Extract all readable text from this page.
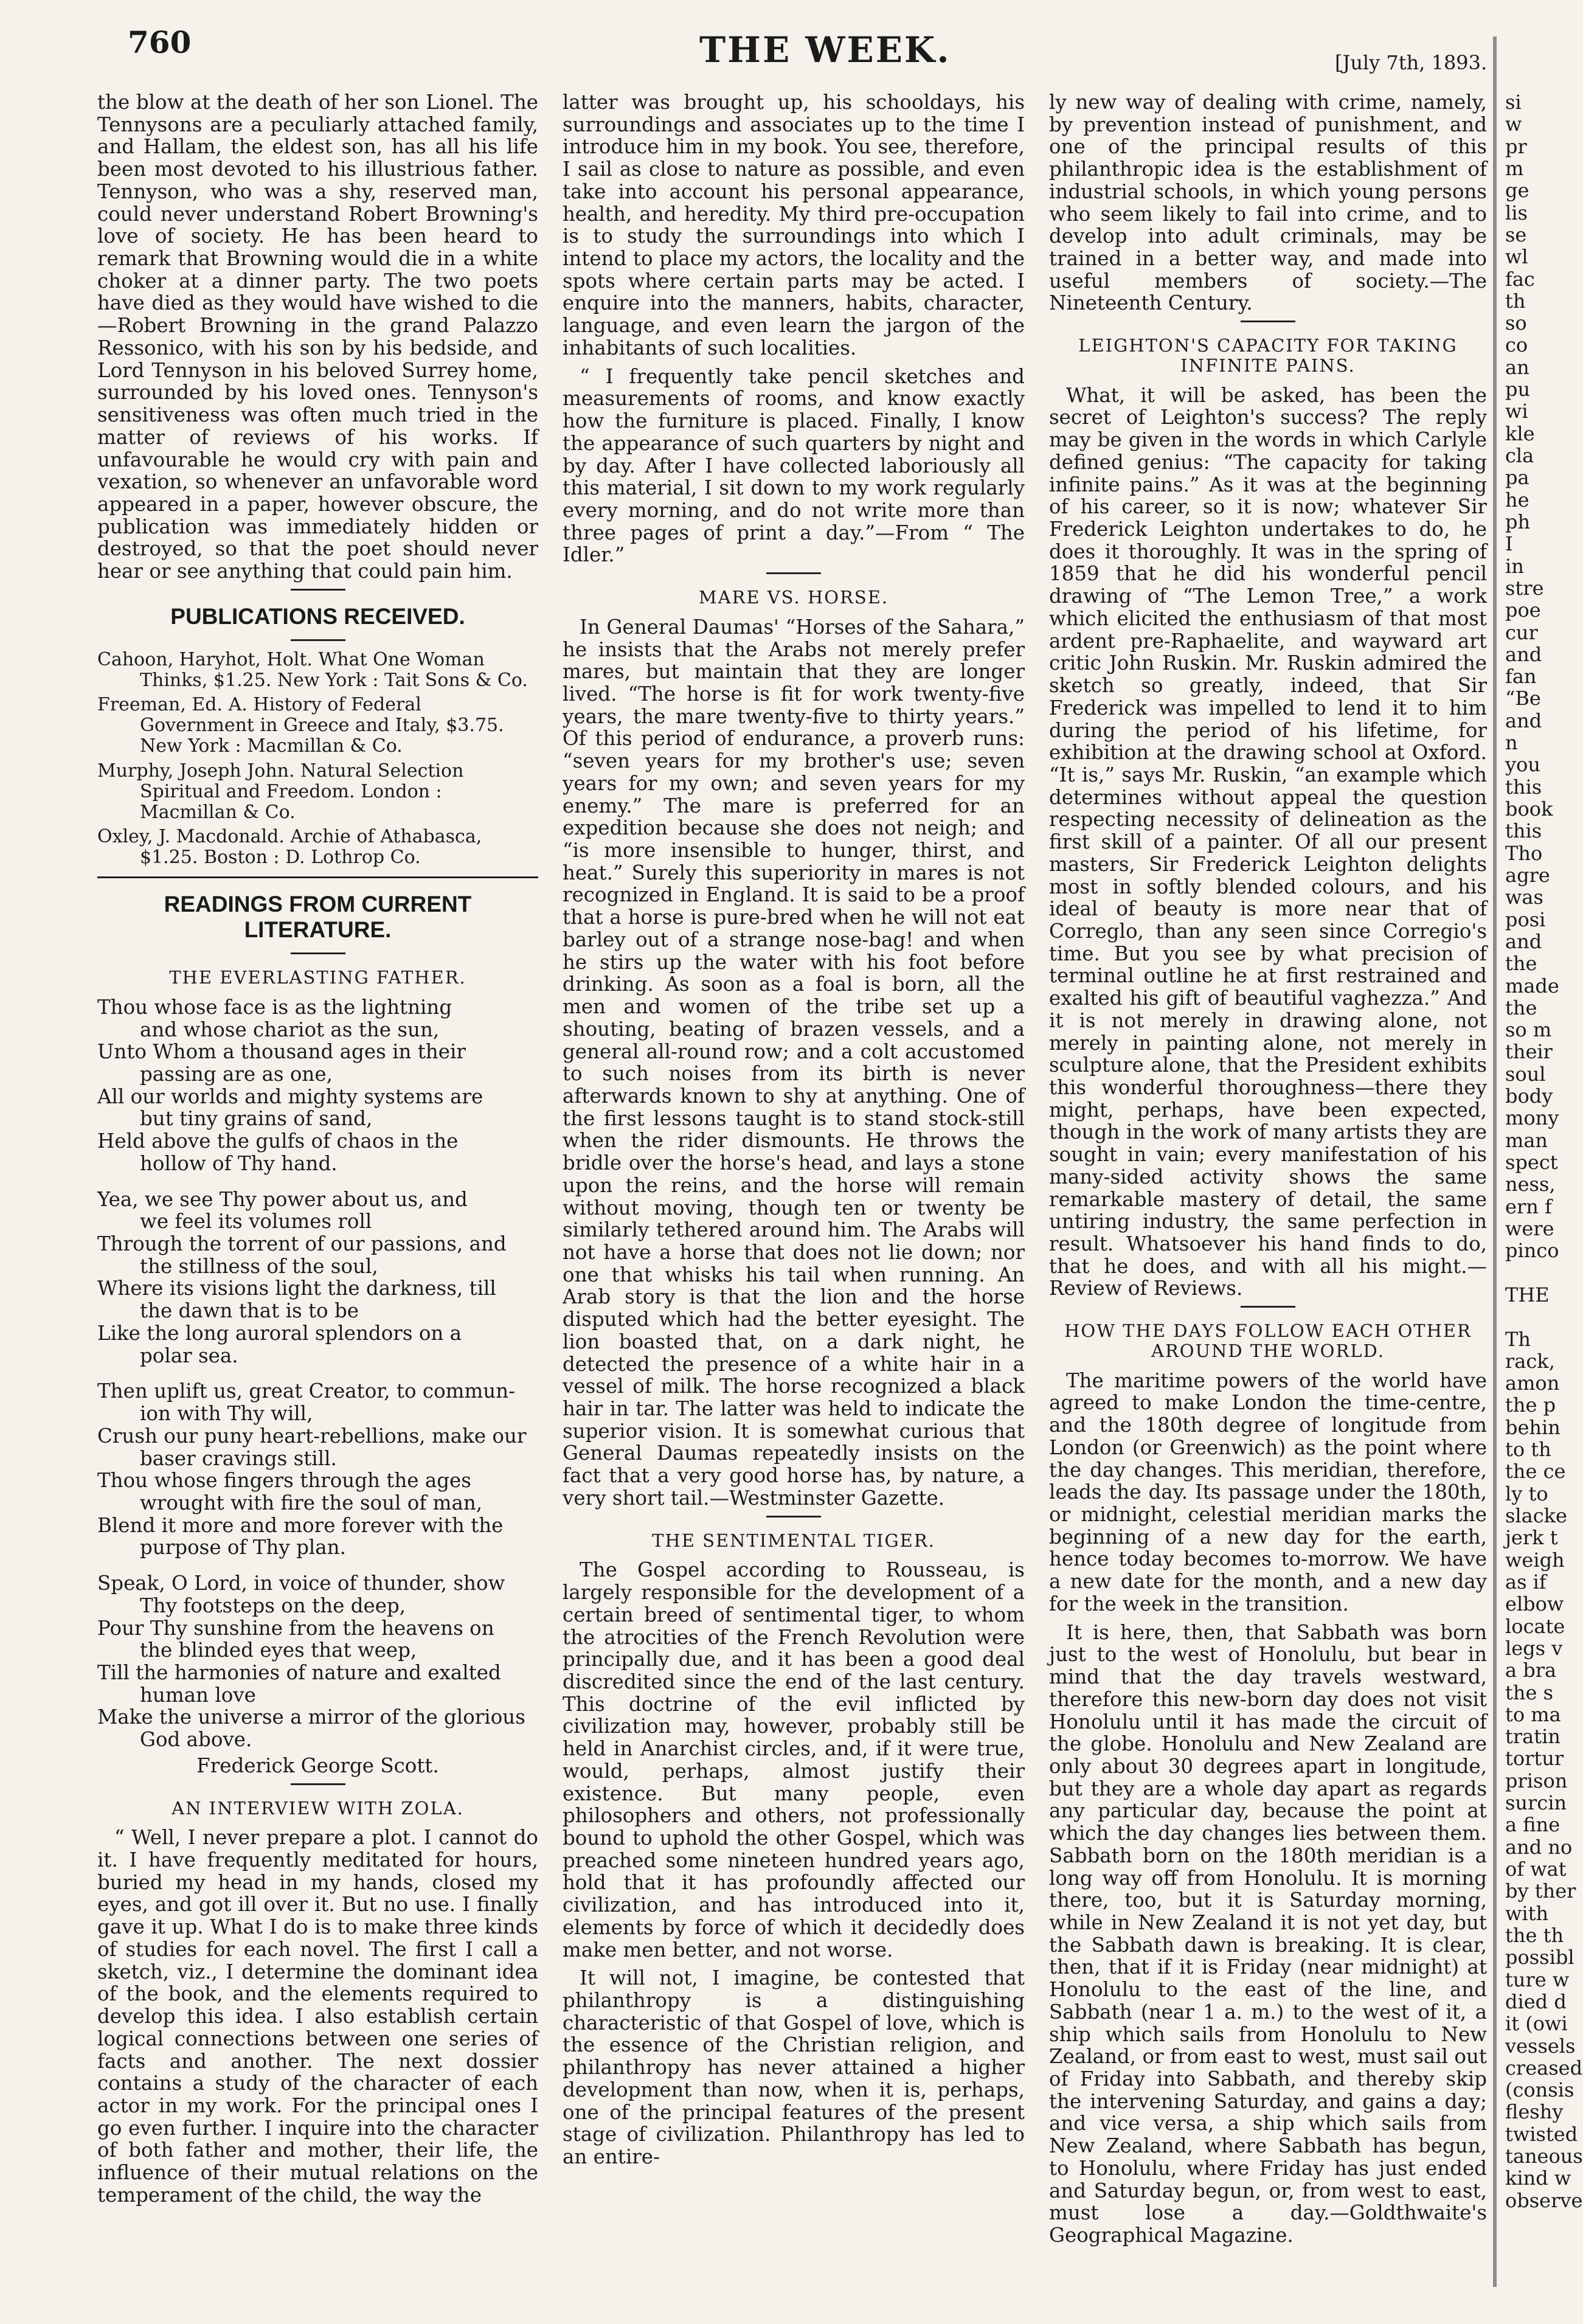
760	THE WEEK.	[July 7th, 1893.

the blow at the death of her son Lionel. The Tennysons are a peculiarly attached family, and Hallam, the eldest son, has all his life been most devoted to his illustrious father. Tennyson, who was a shy, reserved man, could never understand Robert Browning's love of society. He has been heard to remark that Browning would die in a white choker at a dinner party. The two poets have died as they would have wished to die—Robert Browning in the grand Palazzo Ressonico, with his son by his bedside, and Lord Tennyson in his beloved Surrey home, surrounded by his loved ones. Tennyson's sensitiveness was often much tried in the matter of reviews of his works. If unfavourable he would cry with pain and vexation, so whenever an unfavorable word appeared in a paper, however obscure, the publication was immediately hidden or destroyed, so that the poet should never hear or see anything that could pain him.

PUBLICATIONS RECEIVED.
Cahoon, Haryhot, Holt. What One Woman Thinks, $1.25. New York : Tait Sons & Co.
Freeman, Ed. A. History of Federal Government in Greece and Italy, $3.75. New York : Macmillan & Co.
Murphy, Joseph John. Natural Selection Spiritual and Freedom. London : Macmillan & Co.
Oxley, J. Macdonald. Archie of Athabasca, $1.25. Boston : D. Lothrop Co.
READINGS FROM CURRENT LITERATURE.
THE EVERLASTING FATHER.
Thou whose face is as the lightning
and whose chariot as the sun,
Unto Whom a thousand ages in their
passing are as one,
All our worlds and mighty systems are
but tiny grains of sand,
Held above the gulfs of chaos in the
hollow of Thy hand.
Yea, we see Thy power about us, and
we feel its volumes roll
Through the torrent of our passions, and
the stillness of the soul,
Where its visions light the darkness, till
the dawn that is to be
Like the long auroral splendors on a
polar sea.
Then uplift us, great Creator, to commun-
ion with Thy will,
Crush our puny heart-rebellions, make our
baser cravings still.
Thou whose fingers through the ages
wrought with fire the soul of man,
Blend it more and more forever with the
purpose of Thy plan.
Speak, O Lord, in voice of thunder, show
Thy footsteps on the deep,
Pour Thy sunshine from the heavens on
the blinded eyes that weep,
Till the harmonies of nature and exalted
human love
Make the universe a mirror of the glorious
God above.
Frederick George Scott.
AN INTERVIEW WITH ZOLA.

“ Well, I never prepare a plot. I cannot do it. I have frequently meditated for hours, buried my head in my hands, closed my eyes, and got ill over it. But no use. I finally gave it up. What I do is to make three kinds of studies for each novel. The first I call a sketch, viz., I determine the dominant idea of the book, and the elements required to develop this idea. I also establish certain logical connections between one series of facts and another. The next dossier contains a study of the character of each actor in my work. For the principal ones I go even further. I inquire into the character of both father and mother, their life, the influence of their mutual relations on the temperament of the child, the way the

latter was brought up, his schooldays, his surroundings and associates up to the time I introduce him in my book. You see, therefore, I sail as close to nature as possible, and even take into account his personal appearance, health, and heredity. My third pre-occupation is to study the surroundings into which I intend to place my actors, the locality and the spots where certain parts may be acted. I enquire into the manners, habits, character, language, and even learn the jargon of the inhabitants of such localities.

“ I frequently take pencil sketches and measurements of rooms, and know exactly how the furniture is placed. Finally, I know the appearance of such quarters by night and by day. After I have collected laboriously all this material, I sit down to my work regularly every morning, and do not write more than three pages of print a day.”—From “ The Idler.”

MARE VS. HORSE.

In General Daumas' “Horses of the Sahara,” he insists that the Arabs not merely prefer mares, but maintain that they are longer lived. “The horse is fit for work twenty-five years, the mare twenty-five to thirty years.” Of this period of endurance, a proverb runs: “seven years for my brother's use; seven years for my own; and seven years for my enemy.” The mare is preferred for an expedition because she does not neigh; and “is more insensible to hunger, thirst, and heat.” Surely this superiority in mares is not recognized in England. It is said to be a proof that a horse is pure-bred when he will not eat barley out of a strange nose-bag! and when he stirs up the water with his foot before drinking. As soon as a foal is born, all the men and women of the tribe set up a shouting, beating of brazen vessels, and a general all-round row; and a colt accustomed to such noises from its birth is never afterwards known to shy at anything. One of the first lessons taught is to stand stock-still when the rider dismounts. He throws the bridle over the horse's head, and lays a stone upon the reins, and the horse will remain without moving, though ten or twenty be similarly tethered around him. The Arabs will not have a horse that does not lie down; nor one that whisks his tail when running. An Arab story is that the lion and the horse disputed which had the better eyesight. The lion boasted that, on a dark night, he detected the presence of a white hair in a vessel of milk. The horse recognized a black hair in tar. The latter was held to indicate the superior vision. It is somewhat curious that General Daumas repeatedly insists on the fact that a very good horse has, by nature, a very short tail.—Westminster Gazette.

THE SENTIMENTAL TIGER.

The Gospel according to Rousseau, is largely responsible for the development of a certain breed of sentimental tiger, to whom the atrocities of the French Revolution were principally due, and it has been a good deal discredited since the end of the last century. This doctrine of the evil inflicted by civilization may, however, probably still be held in Anarchist circles, and, if it were true, would, perhaps, almost justify their existence. But many people, even philosophers and others, not professionally bound to uphold the other Gospel, which was preached some nineteen hundred years ago, hold that it has profoundly affected our civilization, and has introduced into it, elements by force of which it decidedly does make men better, and not worse.

It will not, I imagine, be contested that philanthropy is a distinguishing characteristic of that Gospel of love, which is the essence of the Christian religion, and philanthropy has never attained a higher development than now, when it is, perhaps, one of the principal features of the present stage of civilization. Philanthropy has led to an entire-

ly new way of dealing with crime, namely, by prevention instead of punishment, and one of the principal results of this philanthropic idea is the establishment of industrial schools, in which young persons who seem likely to fail into crime, and to develop into adult criminals, may be trained in a better way, and made into useful members of society.—The Nineteenth Century.

LEIGHTON'S CAPACITY FOR TAKING INFINITE PAINS.

What, it will be asked, has been the secret of Leighton's success? The reply may be given in the words in which Carlyle defined genius: “The capacity for taking infinite pains.” As it was at the beginning of his career, so it is now; whatever Sir Frederick Leighton undertakes to do, he does it thoroughly. It was in the spring of 1859 that he did his wonderful pencil drawing of “The Lemon Tree,” a work which elicited the enthusiasm of that most ardent pre-Raphaelite, and wayward art critic John Ruskin. Mr. Ruskin admired the sketch so greatly, indeed, that Sir Frederick was impelled to lend it to him during the period of his lifetime, for exhibition at the drawing school at Oxford. “It is,” says Mr. Ruskin, “an example which determines without appeal the question respecting necessity of delineation as the first skill of a painter. Of all our present masters, Sir Frederick Leighton delights most in softly blended colours, and his ideal of beauty is more near that of Correglo, than any seen since Corregio's time. But you see by what precision of terminal outline he at first restrained and exalted his gift of beautiful vaghezza.” And it is not merely in drawing alone, not merely in painting alone, not merely in sculpture alone, that the President exhibits this wonderful thoroughness—there they might, perhaps, have been expected, though in the work of many artists they are sought in vain; every manifestation of his many-sided activity shows the same remarkable mastery of detail, the same untiring industry, the same perfection in result. Whatsoever his hand finds to do, that he does, and with all his might.—Review of Reviews.

HOW THE DAYS FOLLOW EACH OTHER AROUND THE WORLD.

The maritime powers of the world have agreed to make London the time-centre, and the 180th degree of longitude from London (or Greenwich) as the point where the day changes. This meridian, therefore, leads the day. Its passage under the 180th, or midnight, celestial meridian marks the beginning of a new day for the earth, hence today becomes to-morrow. We have a new date for the month, and a new day for the week in the transition.

It is here, then, that Sabbath was born just to the west of Honolulu, but bear in mind that the day travels westward, therefore this new-born day does not visit Honolulu until it has made the circuit of the globe. Honolulu and New Zealand are only about 30 degrees apart in longitude, but they are a whole day apart as regards any particular day, because the point at which the day changes lies between them. Sabbath born on the 180th meridian is a long way off from Honolulu. It is morning there, too, but it is Saturday morning, while in New Zealand it is not yet day, but the Sabbath dawn is breaking. It is clear, then, that if it is Friday (near midnight) at Honolulu to the east of the line, and Sabbath (near 1 a. m.) to the west of it, a ship which sails from Honolulu to New Zealand, or from east to west, must sail out of Friday into Sabbath, and thereby skip the intervening Saturday, and gains a day; and vice versa, a ship which sails from New Zealand, where Sabbath has begun, to Honolulu, where Friday has just ended and Saturday begun, or, from west to east, must lose a day.—Goldthwaite's Geographical Magazine.

si
w
pr
m
ge
lis
se
wl
fac
th
so
co
an
pu
wi
kle
cla
pa
he
ph
I
in
stre
poe
cur
and
fan
“Be
and
n
you
this
book
this
Tho
agre
was
posi
and
the
made
the
so m
their
soul
body
mony
man
spect
ness,
ern f
were
pinco

THE

Th
rack,
amon
the p
behin
to th
the ce
ly to
slacke
jerk t
weigh
as if
elbow
locate
legs v
a bra
the s
to ma
tratin
tortur
prison
surcin
a fine
and no
of wat
by ther
with
the th
possibl
ture w
died d
it (owi
vessels
creased
(consis
fleshy
twisted
taneous
kind w
observe
